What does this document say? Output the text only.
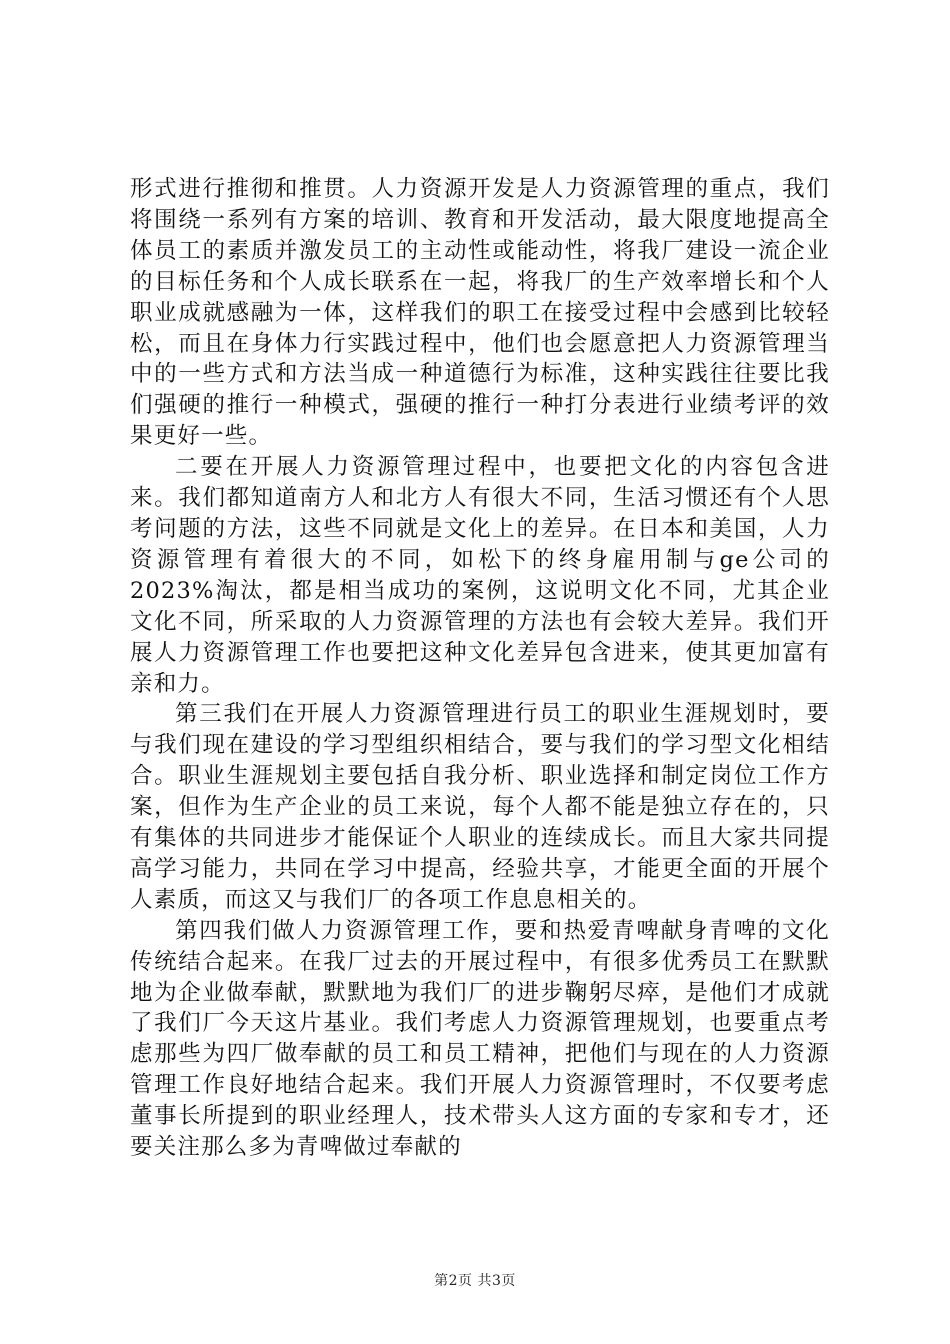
形式进行推彻和推贯。人力资源开发是人力资源管理的重点，我们将围绕一系列有方案的培训、教育和开发活动，最大限度地提高全体员工的素质并激发员工的主动性或能动性，将我厂建设一流企业的目标任务和个人成长联系在一起，将我厂的生产效率增长和个人职业成就感融为一体，这样我们的职工在接受过程中会感到比较轻松，而且在身体力行实践过程中，他们也会愿意把人力资源管理当中的一些方式和方法当成一种道德行为标准，这种实践往往要比我们强硬的推行一种模式，强硬的推行一种打分表进行业绩考评的效果更好一些。

二要在开展人力资源管理过程中，也要把文化的内容包含进来。我们都知道南方人和北方人有很大不同，生活习惯还有个人思考问题的方法，这些不同就是文化上的差异。在日本和美国，人力资源管理有着很大的不同，如松下的终身雇用制与ge公司的2023%淘汰，都是相当成功的案例，这说明文化不同，尤其企业文化不同，所采取的人力资源管理的方法也有会较大差异。我们开展人力资源管理工作也要把这种文化差异包含进来，使其更加富有亲和力。

第三我们在开展人力资源管理进行员工的职业生涯规划时，要与我们现在建设的学习型组织相结合，要与我们的学习型文化相结合。职业生涯规划主要包括自我分析、职业选择和制定岗位工作方案，但作为生产企业的员工来说，每个人都不能是独立存在的，只有集体的共同进步才能保证个人职业的连续成长。而且大家共同提高学习能力，共同在学习中提高，经验共享，才能更全面的开展个人素质，而这又与我们厂的各项工作息息相关的。

第四我们做人力资源管理工作，要和热爱青啤献身青啤的文化传统结合起来。在我厂过去的开展过程中，有很多优秀员工在默默地为企业做奉献，默默地为我们厂的进步鞠躬尽瘁，是他们才成就了我们厂今天这片基业。我们考虑人力资源管理规划，也要重点考虑那些为四厂做奉献的员工和员工精神，把他们与现在的人力资源管理工作良好地结合起来。我们开展人力资源管理时，不仅要考虑董事长所提到的职业经理人，技术带头人这方面的专家和专才，还要关注那么多为青啤做过奉献的

第2页 共3页
